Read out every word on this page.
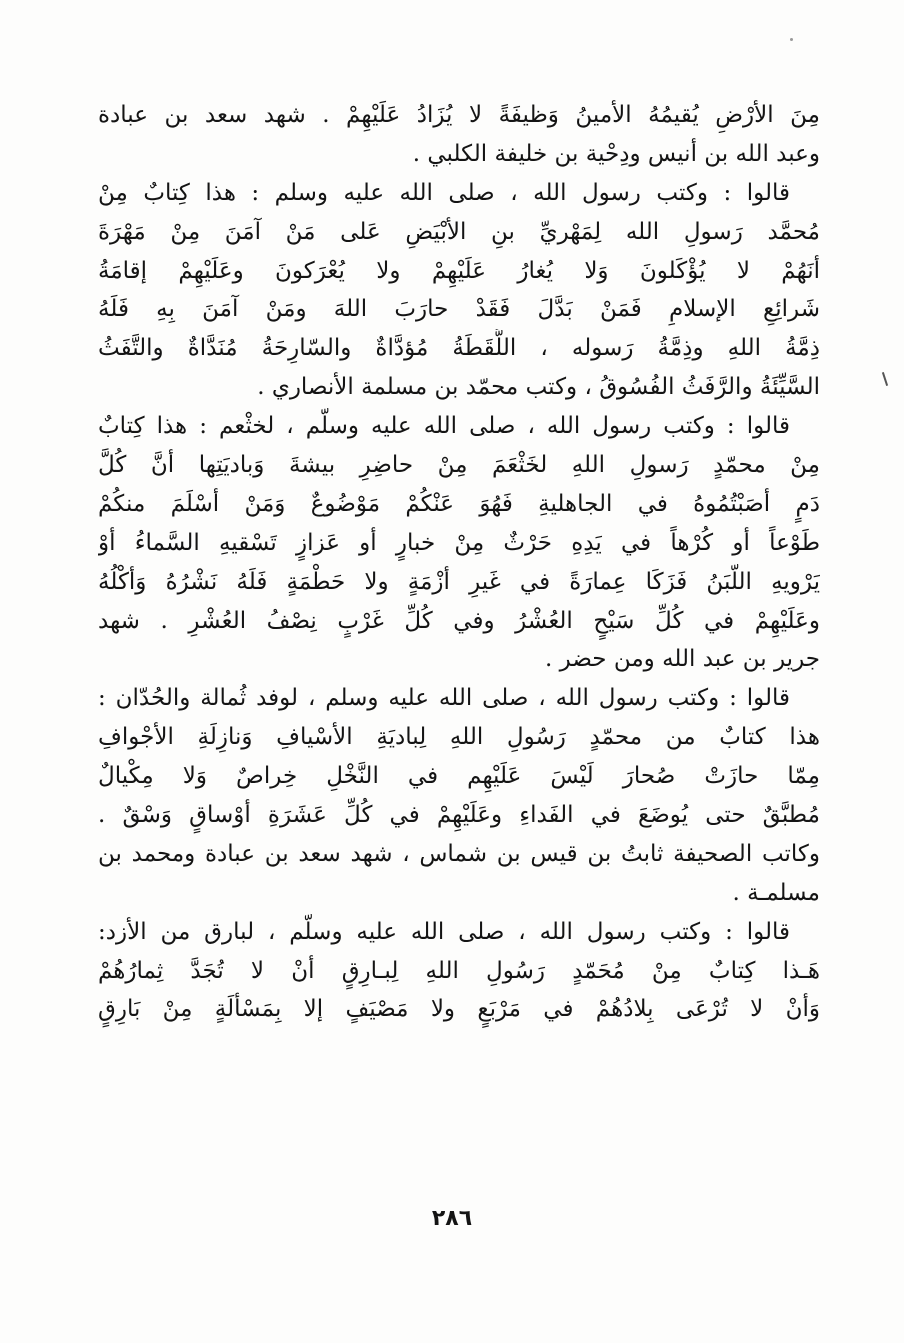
مِنَ الأرْضِ يُقيمُهُ الأمينُ وَظيفَةً لا يُزَادُ عَلَيْهِمْ . شهد سعد بن عبادة
وعبد الله بن أنيس ودِحْية بن خليفة الكلبي .
قالوا : وكتب رسول الله ، صلى الله عليه وسلم : هذا كِتابٌ مِنْ
مُحمَّد رَسولِ الله لِمَهْريِّ بنِ الأبْيَضِ عَلى مَنْ آمَنَ مِنْ مَهْرَةَ
أنَهُمْ لا يُؤْكَلونَ وَلا يُغارُ عَلَيْهِمْ ولا يُعْرَكونَ وعَلَيْهِمْ إقامَةُ
شَرائِعِ الإسلامِ فَمَنْ بَدَّلَ فَقَدْ حارَبَ اللهَ ومَنْ آمَنَ بِهِ فَلَهُ
ذِمَّةُ اللهِ وذِمَّةُ رَسوله ، اللُّقَطَةُ مُؤدَّاةٌ والسّارِحَةُ مُنَدَّاةٌ والتَّفَثُ
السَّيِّئَةُ والرَّفَثُ الفُسُوقُ ، وكتب محمّد بن مسلمة الأنصاري .
قالوا : وكتب رسول الله ، صلى الله عليه وسلّم ، لخثْعم : هذا كِتابٌ
مِنْ محمّدٍ رَسولِ اللهِ لخَثْعَمَ مِنْ حاضِرِ بيشةَ وَباديَتِها أنَّ كُلَّ
دَمٍ أصَبْتُمُوهُ في الجاهليةِ فَهُوَ عَنْكُمْ مَوْضُوعٌ وَمَنْ أسْلَمَ منكُمْ
طَوْعاً أو كُرْهاً في يَدِهِ حَرْثٌ مِنْ خبارٍ أو عَزازٍ تَسْقيهِ السَّماءُ أوْ
يَرْويهِ اللّبَنُ فَزَكَا عِمارَةً في غَيرِ أزْمَةٍ ولا حَطْمَةٍ فَلَهُ نَشْرُهُ وَأكْلُهُ
وعَلَيْهِمْ في كُلِّ سَيْحٍ العُشْرُ وفي كُلِّ غَرْبٍ نِصْفُ العُشْرِ . شهد
جرير بن عبد الله ومن حضر .
قالوا : وكتب رسول الله ، صلى الله عليه وسلم ، لوفد ثُمالة والحُدّان :
هذا كتابٌ من محمّدٍ رَسُولِ اللهِ لِباديَةِ الأسْيافِ وَنازِلَةِ الأجْوافِ
مِمّا حازَتْ صُحارَ لَيْسَ عَلَيْهِم في النَّخْلِ خِراصٌ وَلا مِكْيالٌ
مُطبَّقٌ حتى يُوضَعَ في الفَداءِ وعَلَيْهِمْ في كُلِّ عَشَرَةِ أوْساقٍ وَسْقٌ .
وكاتب الصحيفة ثابتُ بن قيس بن شماس ، شهد سعد بن عبادة ومحمد بن
مسلمـة .
قالوا : وكتب رسول الله ، صلى الله عليه وسلّم ، لبارق من الأزد:
هَـذا كِتابٌ مِنْ مُحَمّدٍ رَسُولِ اللهِ لِبـارِقٍ أنْ لا تُجَدَّ ثِمارُهُمْ
وَأنْ لا تُرْعَى بِلادُهُمْ في مَرْبَعٍ ولا مَصْيَفٍ إلا بِمَسْألَةٍ مِنْ بَارِقٍ
٢٨٦
